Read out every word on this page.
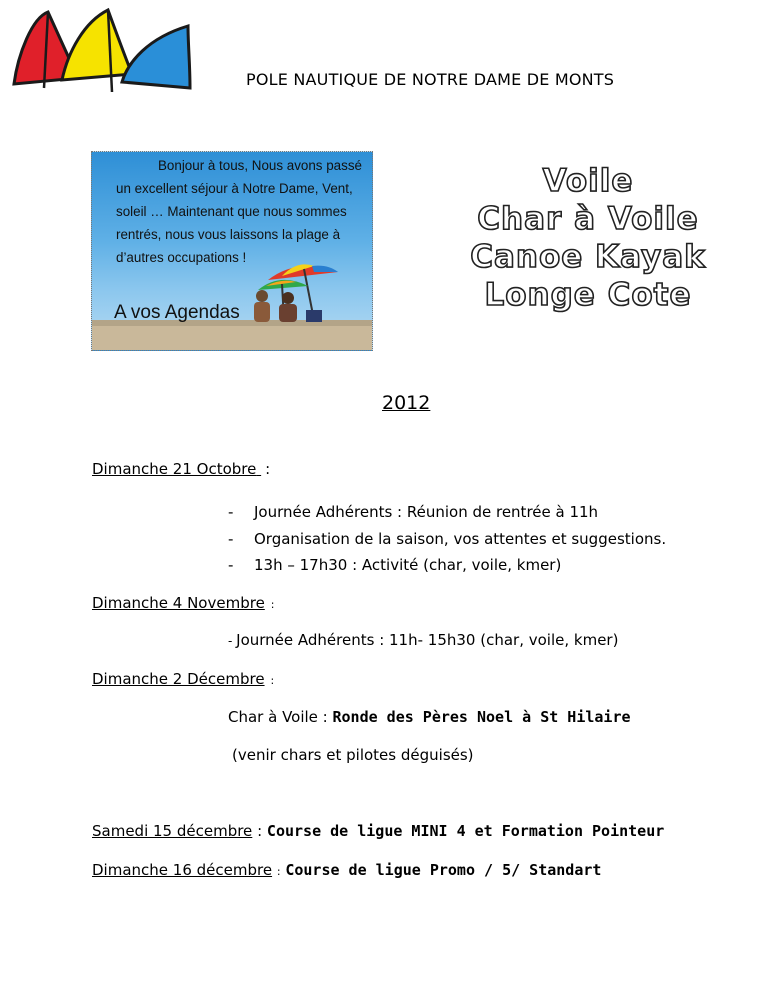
POLE NAUTIQUE DE NOTRE DAME DE MONTS
Bonjour à tous, Nous avons passé un excellent séjour à Notre Dame, Vent, soleil … Maintenant que nous sommes rentrés, nous vous laissons la plage à d’autres occupations !
A vos Agendas
Voile
Char à Voile
Canoe Kayak
Longe Cote
2012
Dimanche 21 Octobre :
- Journée Adhérents : Réunion de rentrée à 11h
- Organisation de la saison, vos attentes et suggestions.
- 13h – 17h30 : Activité (char, voile, kmer)
Dimanche 4 Novembre :
- Journée Adhérents : 11h- 15h30 (char, voile, kmer)
Dimanche 2 Décembre :
Char à Voile : Ronde des Pères Noel à St Hilaire
(venir chars et pilotes déguisés)
Samedi 15 décembre : Course de ligue MINI 4 et Formation Pointeur
Dimanche 16 décembre : Course de ligue Promo / 5/ Standart
